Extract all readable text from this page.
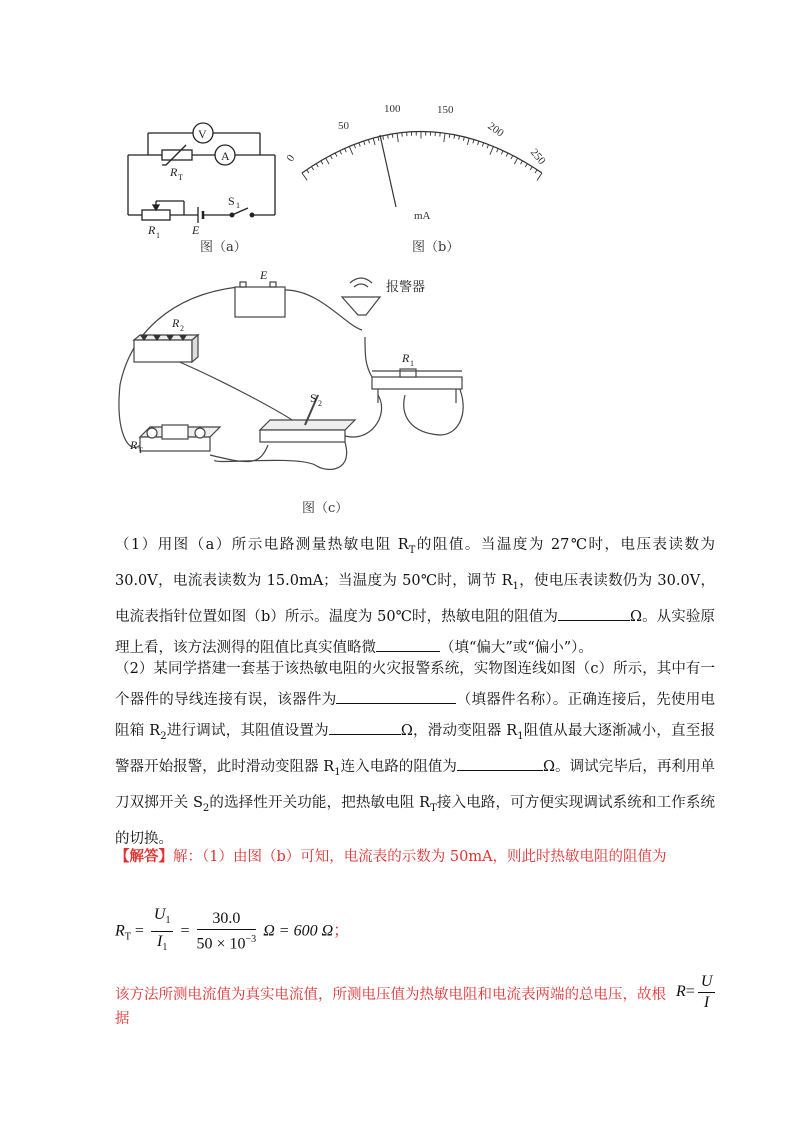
V
A
R T
R 1	E
S 1
图（a）
0
50
100	150
200
250
mA
图（b）
E
报警器
R 2
R 1
S 2
R T
图（c）
（1）用图（a）所示电路测量热敏电阻 $R_T$的阻值。当温度为 27℃时，电压表读数为 30.0V，电流表读数为 15.0mA；当温度为 50℃时，调节 $R_1$，使电压表读数仍为 30.0V，电流表指针位置如图（b）所示。温度为 50℃时，热敏电阻的阻值为	Ω。从实验原理上看，该方法测得的阻值比真实值略微	（填“偏大”或“偏小”）。
（2）某同学搭建一套基于该热敏电阻的火灾报警系统，实物图连线如图（c）所示，其中有一个器件的导线连接有误，该器件为	（填器件名称）。正确连接后，先使用电阻箱 $R_2$进行调试，其阻值设置为	Ω，滑动变阻器 $R_1$阻值从最大逐渐减小，直至报警器开始报警，此时滑动变阻器 $R_1$连入电路的阻值为	Ω。调试完毕后，再利用单刀双掷开关 $S_2$的选择性开关功能，把热敏电阻 $R_T$接入电路，可方便实现调试系统和工作系统的切换。
【解答】解：（1）由图（b）可知，电流表的示数为 50mA，则此时热敏电阻的阻值为
$R_T = \frac{U_1}{I_1} = \frac{30.0}{50 \times 10^{-3}}$ Ω = 600 Ω；
该方法所测电流值为真实电流值，所测电压值为热敏电阻和电流表两端的总电压，故根据
$R= \frac{U}{I}$
